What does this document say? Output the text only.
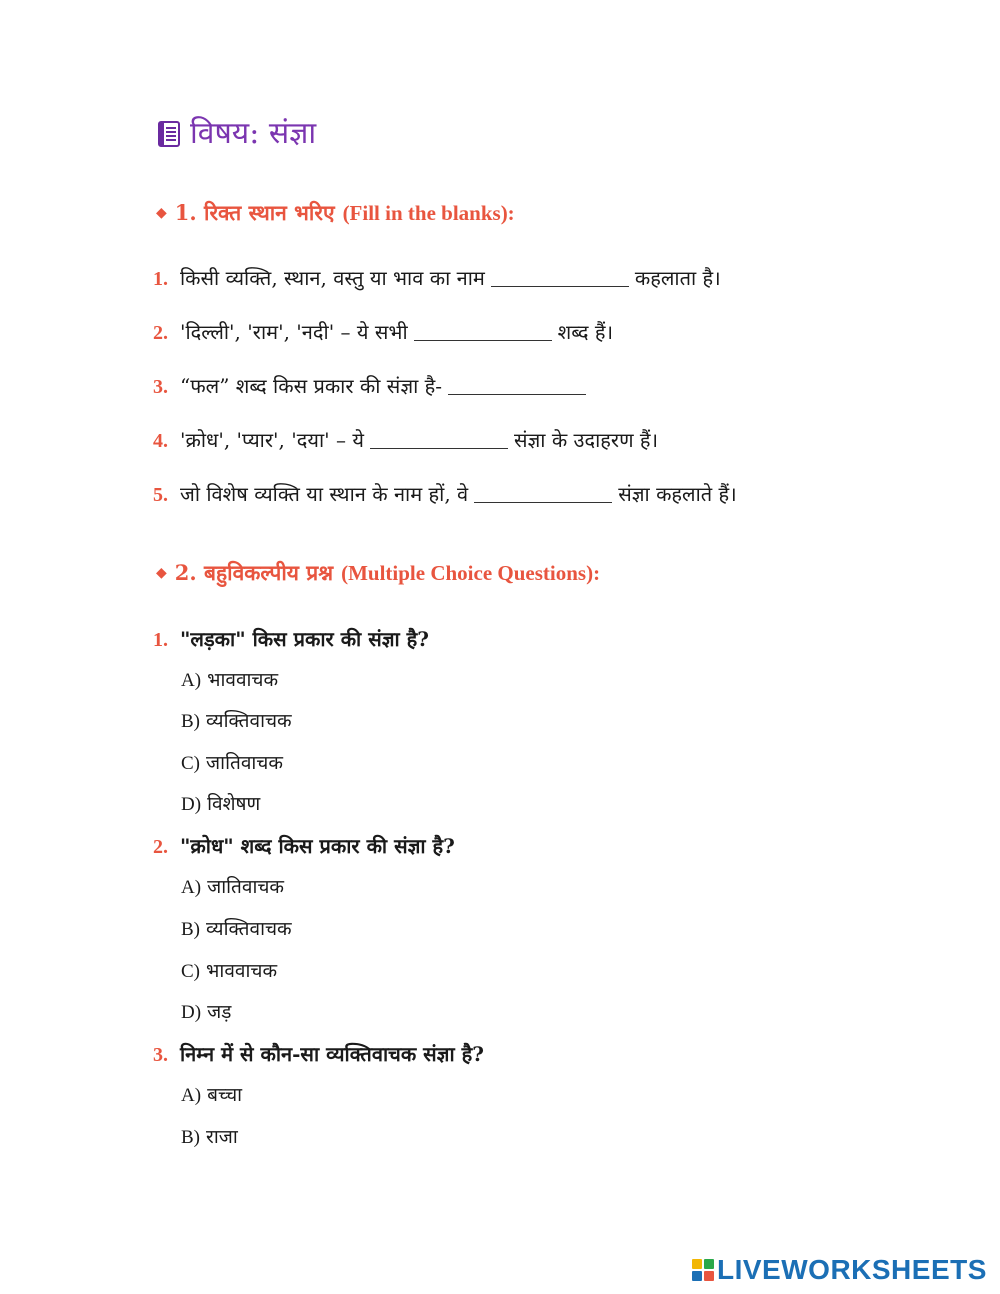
विषय: संज्ञा
◆ 1. रिक्त स्थान भरिए (Fill in the blanks):
1. किसी व्यक्ति, स्थान, वस्तु या भाव का नाम	कहलाता है।
2. 'दिल्ली', 'राम', 'नदी' – ये सभी	शब्द हैं।
3. “फल” शब्द किस प्रकार की संज्ञा है-
4. 'क्रोध', 'प्यार', 'दया' – ये	संज्ञा के उदाहरण हैं।
5. जो विशेष व्यक्ति या स्थान के नाम हों, वे	संज्ञा कहलाते हैं।
◆ 2. बहुविकल्पीय प्रश्न (Multiple Choice Questions):
1. "लड़का" किस प्रकार की संज्ञा है?
A) भाववाचक
B) व्यक्तिवाचक
C) जातिवाचक
D) विशेषण
2. "क्रोध" शब्द किस प्रकार की संज्ञा है?
A) जातिवाचक
B) व्यक्तिवाचक
C) भाववाचक
D) जड़
3. निम्न में से कौन-सा व्यक्तिवाचक संज्ञा है?
A) बच्चा
B) राजा
LIVEWORKSHEETS
